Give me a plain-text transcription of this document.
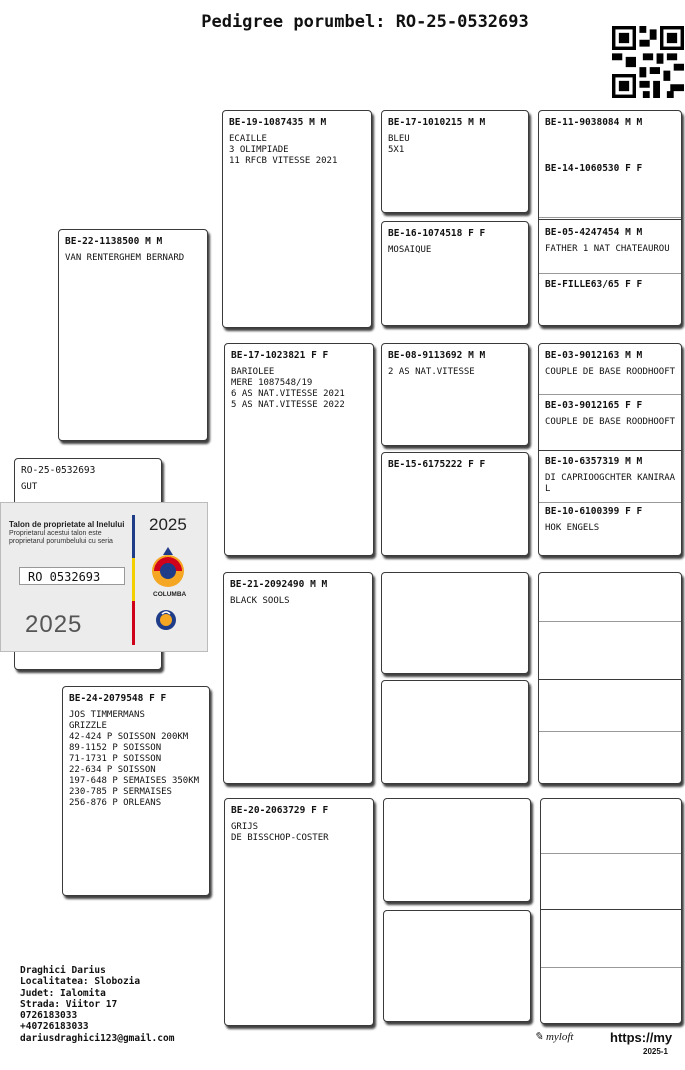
Pedigree porumbel: RO-25-0532693
BE-22-1138500 M M
VAN RENTERGHEM BERNARD
RO-25-0532693
GUT
BE-24-2079548 F F
JOS TIMMERMANS
GRIZZLE
42-424 P SOISSON 200KM
89-1152 P SOISSON
71-1731 P SOISSON
22-634 P SOISSON
197-648 P SEMAISES 350KM
230-785 P SERMAISES
256-876 P ORLEANS
2025
Talon de proprietate al Inelului
Proprietarul acestui talon este proprietarul porumbelului cu seria
RO 0532693
2025
COLUMBA
BE-19-1087435 M M
ECAILLE
3 OLIMPIADE
11 RFCB VITESSE 2021
BE-17-1023821 F F
BARIOLEE
MERE 1087548/19
6 AS NAT.VITESSE 2021
5 AS NAT.VITESSE 2022
BE-21-2092490 M M
BLACK SOOLS
BE-20-2063729 F F
GRIJS
DE BISSCHOP-COSTER
BE-17-1010215 M M
BLEU
5X1
BE-16-1074518 F F
MOSAIQUE
BE-08-9113692 M M
2 AS NAT.VITESSE
BE-15-6175222 F F
BE-11-9038084 M M
BE-14-1060530 F F
BE-05-4247454 M M
FATHER 1 NAT CHATEAUROU
BE-FILLE63/65 F F
BE-03-9012163 M M
COUPLE DE BASE ROODHOOFT
BE-03-9012165 F F
COUPLE DE BASE ROODHOOFT
BE-10-6357319 M M
DI CAPRIOOGCHTER KANIRAA
L
BE-10-6100399 F F
HOK ENGELS
Draghici Darius
Localitatea: Slobozia
Judet: Ialomita
Strada: Viitor 17
0726183033
+40726183033
dariusdraghici123@gmail.com	✎ myloft	https://my
2025-1
